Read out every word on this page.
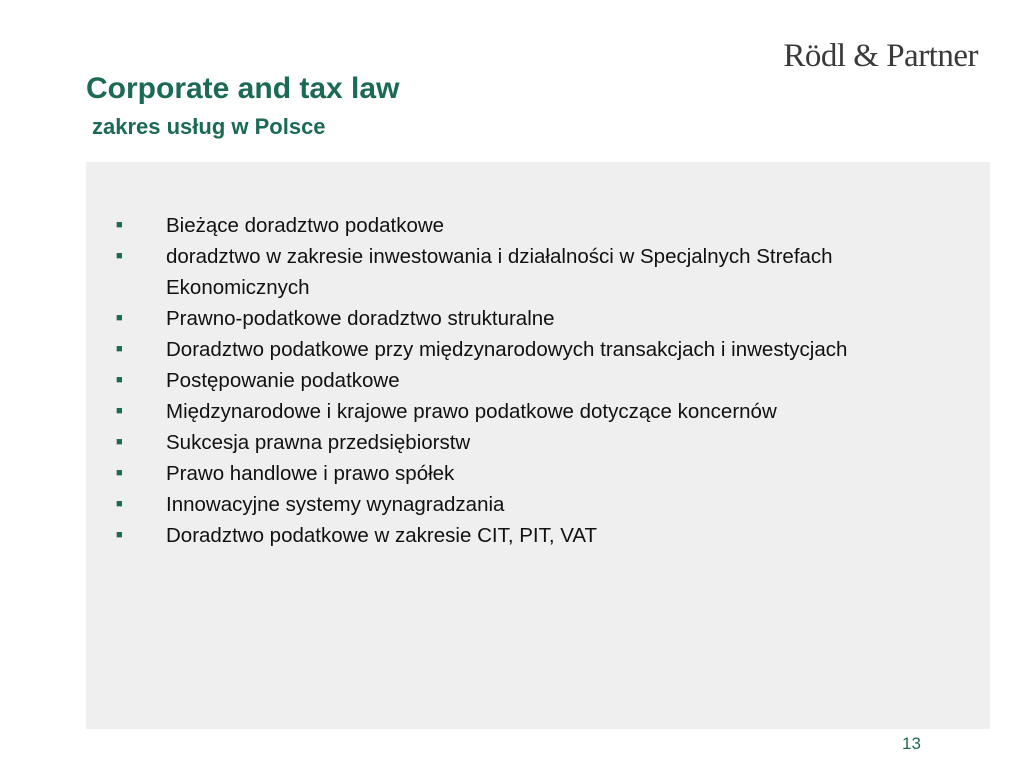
Rödl & Partner
Corporate and tax law
zakres usług w Polsce
■ Bieżące doradztwo podatkowe
■ doradztwo w zakresie inwestowania i działalności w Specjalnych Strefach Ekonomicznych
■ Prawno-podatkowe doradztwo strukturalne
■ Doradztwo podatkowe przy międzynarodowych transakcjach i inwestycjach
■ Postępowanie podatkowe
■ Międzynarodowe i krajowe prawo podatkowe dotyczące koncernów
■ Sukcesja prawna przedsiębiorstw
■ Prawo handlowe i prawo spółek
■ Innowacyjne systemy wynagradzania
■ Doradztwo podatkowe w zakresie CIT, PIT, VAT
13
